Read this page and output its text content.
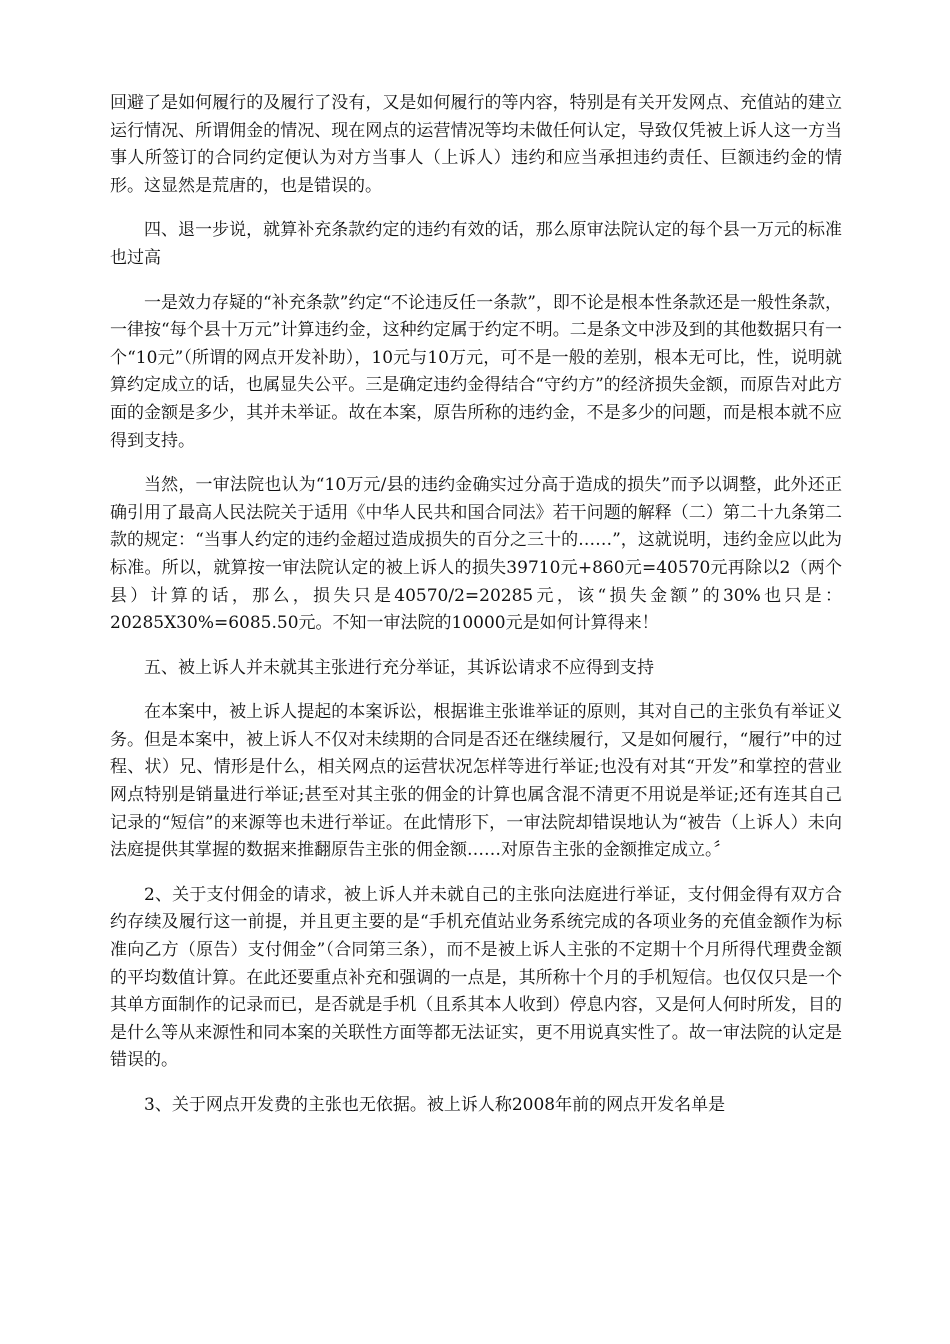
回避了是如何履行的及履行了没有，又是如何履行的等内容，特别是有关开发网点、充值站的建立运行情况、所谓佣金的情况、现在网点的运营情况等均未做任何认定，导致仅凭被上诉人这一方当事人所签订的合同约定便认为对方当事人（上诉人）违约和应当承担违约责任、巨额违约金的情形。这显然是荒唐的，也是错误的。

四、退一步说，就算补充条款约定的违约有效的话，那么原审法院认定的每个县一万元的标准也过高

一是效力存疑的“补充条款”约定“不论违反任一条款”，即不论是根本性条款还是一般性条款，一律按“每个县十万元”计算违约金，这种约定属于约定不明。二是条文中涉及到的其他数据只有一个“10元”（所谓的网点开发补助），10元与10万元，可不是一般的差别，根本无可比，性，说明就算约定成立的话，也属显失公平。三是确定违约金得结合“守约方”的经济损失金额，而原告对此方面的金额是多少，其并未举证。故在本案，原告所称的违约金，不是多少的问题，而是根本就不应得到支持。

当然，一审法院也认为“10万元/县的违约金确实过分高于造成的损失”而予以调整，此外还正确引用了最高人民法院关于适用《中华人民共和国合同法》若干问题的解释（二）第二十九条第二款的规定：“当事人约定的违约金超过造成损失的百分之三十的……”，这就说明，违约金应以此为标准。所以，就算按一审法院认定的被上诉人的损失39710元+860元=40570元再除以2（两个县）计算的话，那么，损失只是40570/2=20285元，该“损失金额”的30%也只是：20285X30%=6085.50元。不知一审法院的10000元是如何计算得来！

五、被上诉人并未就其主张进行充分举证，其诉讼请求不应得到支持

在本案中，被上诉人提起的本案诉讼，根据谁主张谁举证的原则，其对自己的主张负有举证义务。但是本案中，被上诉人不仅对未续期的合同是否还在继续履行，又是如何履行，“履行”中的过程、状）兄、情形是什么，相关网点的运营状况怎样等进行举证;也没有对其“开发”和掌控的营业网点特别是销量进行举证;甚至对其主张的佣金的计算也属含混不清更不用说是举证;还有连其自己记录的“短信”的来源等也未进行举证。在此情形下，一审法院却错误地认为“被告（上诉人）未向法庭提供其掌握的数据来推翻原告主张的佣金额……对原告主张的金额推定成立。〞

2、关于支付佣金的请求，被上诉人并未就自己的主张向法庭进行举证，支付佣金得有双方合约存续及履行这一前提，并且更主要的是“手机充值站业务系统完成的各项业务的充值金额作为标准向乙方（原告）支付佣金”（合同第三条），而不是被上诉人主张的不定期十个月所得代理费金额的平均数值计算。在此还要重点补充和强调的一点是，其所称十个月的手机短信。也仅仅只是一个其单方面制作的记录而已，是否就是手机（且系其本人收到）停息内容，又是何人何时所发，目的是什么等从来源性和同本案的关联性方面等都无法证实，更不用说真实性了。故一审法院的认定是错误的。

3、关于网点开发费的主张也无依据。被上诉人称2008年前的网点开发名单是
